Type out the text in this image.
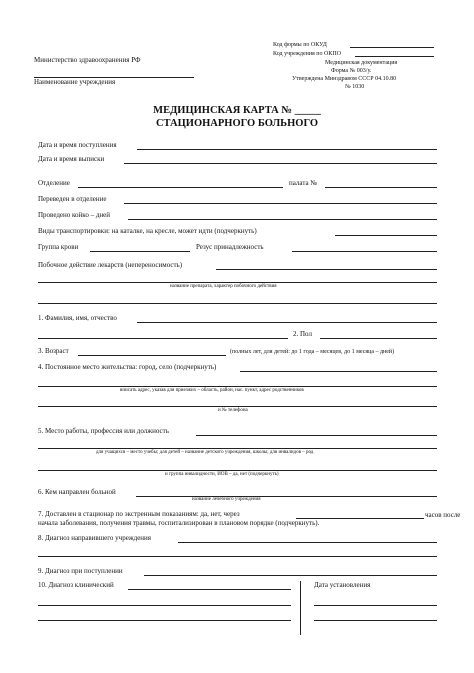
Министерство здравоохранения РФ
Наименование учреждения
Код формы по ОКУД
Код учреждения по ОКПО
Медицинская документация
Форма № 003/у.
Утверждена Минздравом СССР 04.10.80
№ 1030
МЕДИЦИНСКАЯ КАРТА № _____
СТАЦИОНАРНОГО БОЛЬНОГО
Дата и время поступления
Дата и время выписки
Отделение	палата №
Переведен в отделение
Проведено койко – дней
Виды транспортировки: на каталке, на кресле, может идти (подчеркнуть)
Группа крови	Резус принадлежность
Побочное действие лекарств (непереносимость)
название препарата, характер побочного действия
1. Фамилия, имя, отчество
2. Пол
3. Возраст	(полных лет, для детей: до 1 года – месяцев, до 1 месяца – дней)
4. Постоянное место жительства: город, село (подчеркнуть)
вписать адрес, указав для приезжих – область, район, нас. пункт, адрес родственников
и № телефона
5. Место работы, профессия или должность
для учащихся – место учебы; для детей – название детского учреждения, школы; для инвалидов – род
и группа инвалидности, ИОВ – да, нет (подчеркнуть)
6. Кем направлен больной
название лечебного учреждения
7. Доставлен в стационар по экстренным показаниям: да, нет, через	часов после
начала заболевания, получения травмы, госпитализирован в плановом порядке (подчеркнуть).
8. Диагноз направившего учреждения
9. Диагноз при поступлении
10. Диагноз клинический	Дата установления
